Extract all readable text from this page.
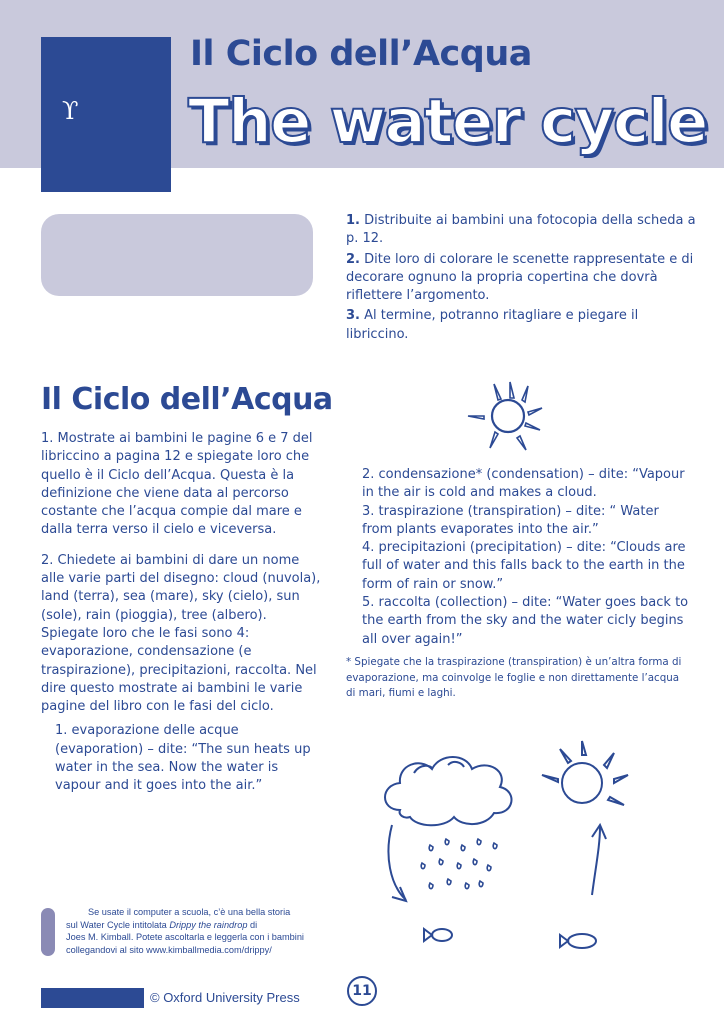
ϒ
Il Ciclo dell’Acqua
The water cycle

1. Distribuite ai bambini una fotocopia della scheda a p. 12.

2. Dite loro di colorare le scenette rappresentate e di decorare ognuno la propria copertina che dovrà riflettere l’argomento.

3. Al termine, potranno ritagliare e piegare il libriccino.

Il Ciclo dell’Acqua

1. Mostrate ai bambini le pagine 6 e 7 del libriccino a pagina 12 e spiegate loro che quello è il Ciclo dell’Acqua. Questa è la definizione che viene data al percorso costante che l’acqua compie dal mare e dalla terra verso il cielo e viceversa.

2. Chiedete ai bambini di dare un nome alle varie parti del disegno: cloud (nuvola), land (terra), sea (mare), sky (cielo), sun (sole), rain (pioggia), tree (albero).

Spiegate loro che le fasi sono 4: evaporazione, condensazione (e traspirazione), precipitazioni, raccolta. Nel dire questo mostrate ai bambini le varie pagine del libro con le fasi del ciclo.

1. evaporazione delle acque (evaporation) – dite: “The sun heats up water in the sea. Now the water is vapour and it goes into the air.”

2. condensazione* (condensation) – dite: “Vapour in the air is cold and makes a cloud.

3. traspirazione (transpiration) – dite: “ Water from plants evaporates into the air.”

4. precipitazioni (precipitation) – dite: “Clouds are full of water and this falls back to the earth in the form of rain or snow.”

5. raccolta (collection) – dite: “Water goes back to the earth from the sky and the water cicly begins all over again!”

* Spiegate che la traspirazione (transpiration) è un’altra forma di evaporazione, ma coinvolge le foglie e non direttamente l’acqua di mari, fiumi e laghi.
Se usate il computer a scuola, c’è una bella storia
sul Water Cycle intitolata Drippy the raindrop di
Joes M. Kimball. Potete ascoltarla e leggerla con i bambini
collegandovi al sito www.kimballmedia.com/drippy/
© Oxford University Press	11
